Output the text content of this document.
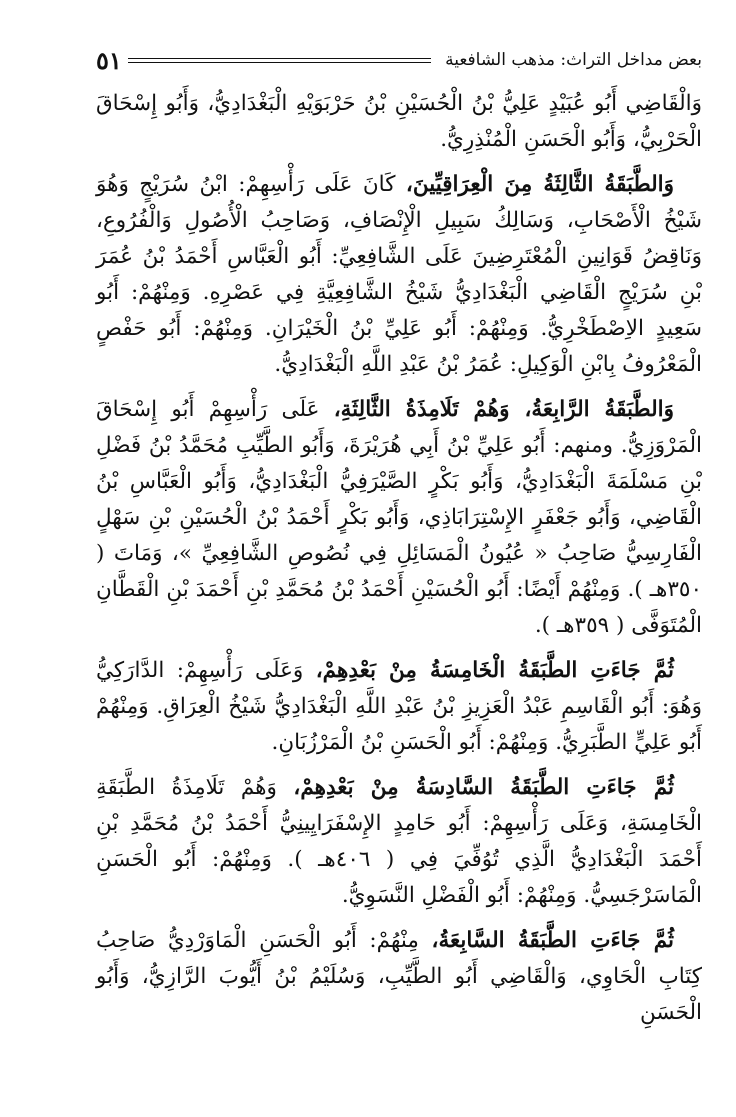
بعض مداخل التراث: مذهب الشافعية
٥١

وَالْقَاضِي أَبُو عُبَيْدٍ عَلِيُّ بْنُ الْحُسَيْنِ بْنُ حَرْبَوَيْهِ الْبَغْدَادِيُّ، وَأَبُو إِسْحَاقَ الْحَرْبِيُّ، وَأَبُو الْحَسَنِ الْمُنْذِرِيُّ.

وَالطَّبَقَةُ الثَّالِثَةُ مِنَ الْعِرَاقِيِّينَ، كَانَ عَلَى رَأْسِهِمْ: ابْنُ سُرَيْجٍ وَهُوَ شَيْخُ الْأَصْحَابِ، وَسَالِكُ سَبِيلِ الْإِنْصَافِ، وَصَاحِبُ الْأُصُولِ وَالْفُرُوعِ، وَنَاقِضُ قَوَانِينِ الْمُعْتَرِضِينَ عَلَى الشَّافِعِيِّ: أَبُو الْعَبَّاسِ أَحْمَدُ بْنُ عُمَرَ بْنِ سُرَيْجٍ الْقَاضِي الْبَغْدَادِيُّ شَيْخُ الشَّافِعِيَّةِ فِي عَصْرِهِ. وَمِنْهُمْ: أَبُو سَعِيدٍ الاِصْطَخْرِيُّ. وَمِنْهُمْ: أَبُو عَلِيِّ بْنُ الْخَيْرَانِ. وَمِنْهُمْ: أَبُو حَفْصٍ الْمَعْرُوفُ بِابْنِ الْوَكِيلِ: عُمَرُ بْنُ عَبْدِ اللَّهِ الْبَغْدَادِيُّ.

وَالطَّبَقَةُ الرَّابِعَةُ، وَهُمْ تَلَامِذَةُ الثَّالِثَةِ، عَلَى رَأْسِهِمْ أَبُو إِسْحَاقَ الْمَرْوَزِيُّ. ومنهم: أَبُو عَلِيِّ بْنُ أَبِي هُرَيْرَةَ، وَأَبُو الطَّيِّبِ مُحَمَّدُ بْنُ فَضْلِ بْنِ مَسْلَمَةَ الْبَغْدَادِيُّ، وَأَبُو بَكْرٍ الصَّيْرَفِيُّ الْبَغْدَادِيُّ، وَأَبُو الْعَبَّاسِ بْنُ الْقَاضِي، وَأَبُو جَعْفَرٍ الإِسْتِرَابَاذِي، وَأَبُو بَكْرٍ أَحْمَدُ بْنُ الْحُسَيْنِ بْنِ سَهْلٍ الْفَارِسِيُّ صَاحِبُ « عُيُونُ الْمَسَائِلِ فِي نُصُوصِ الشَّافِعِيِّ »، وَمَاتَ ( ٣٥٠هـ ). وَمِنْهُمْ أَيْضًا: أَبُو الْحُسَيْنِ أَحْمَدُ بْنُ مُحَمَّدِ بْنِ أَحْمَدَ بْنِ الْقَطَّانِ الْمُتَوَفَّى ( ٣٥٩هـ ).

ثُمَّ جَاءَتِ الطَّبَقَةُ الْخَامِسَةُ مِنْ بَعْدِهِمْ، وَعَلَى رَأْسِهِمْ: الدَّارَكِيُّ وَهُوَ: أَبُو الْقَاسِمِ عَبْدُ الْعَزِيزِ بْنُ عَبْدِ اللَّهِ الْبَغْدَادِيُّ شَيْخُ الْعِرَاقِ. وَمِنْهُمْ أَبُو عَلِيٍّ الطَّبَرِيُّ. وَمِنْهُمْ: أَبُو الْحَسَنِ بْنُ الْمَرْزُبَانِ.

ثُمَّ جَاءَتِ الطَّبَقَةُ السَّادِسَةُ مِنْ بَعْدِهِمْ، وَهُمْ تَلَامِذَةُ الطَّبَقَةِ الْخَامِسَةِ، وَعَلَى رَأْسِهِمْ: أَبُو حَامِدٍ الإِسْفَرَايِينِيُّ أَحْمَدُ بْنُ مُحَمَّدِ بْنِ أَحْمَدَ الْبَغْدَادِيُّ الَّذِي تُوُفِّيَ فِي ( ٤٠٦هـ ). وَمِنْهُمْ: أَبُو الْحَسَنِ الْمَاسَرْجَسِيُّ. وَمِنْهُمْ: أَبُو الْفَضْلِ النَّسَوِيُّ.

ثُمَّ جَاءَتِ الطَّبَقَةُ السَّابِعَةُ، مِنْهُمْ: أَبُو الْحَسَنِ الْمَاوَرْدِيُّ صَاحِبُ كِتَابِ الْحَاوِي، وَالْقَاضِي أَبُو الطَّيِّبِ، وَسُلَيْمُ بْنُ أَيُّوبَ الرَّازِيُّ، وَأَبُو الْحَسَنِ
